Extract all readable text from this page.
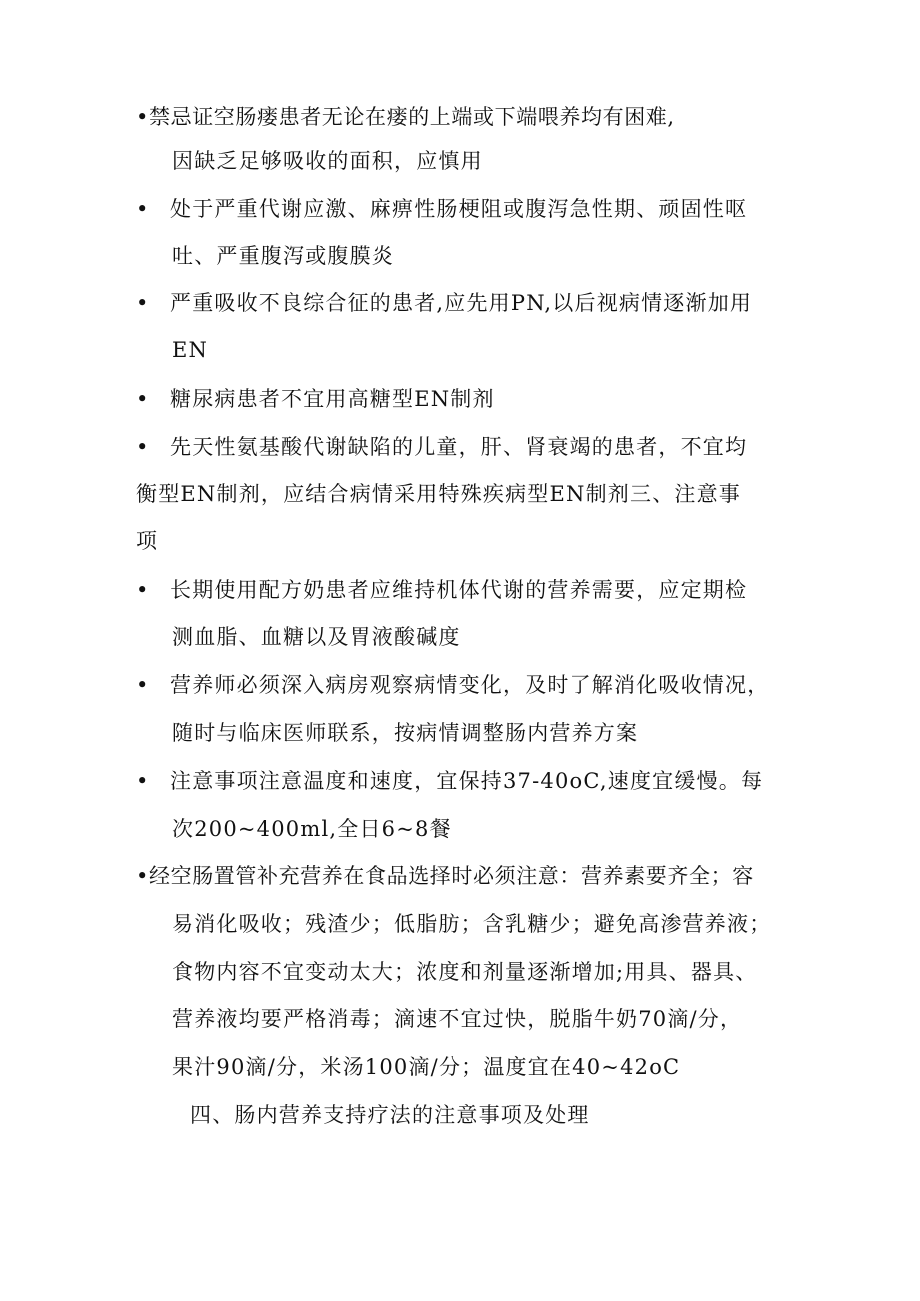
•禁忌证空肠瘘患者无论在瘘的上端或下端喂养均有困难,
因缺乏足够吸收的面积，应慎用
• 处于严重代谢应激、麻痹性肠梗阻或腹泻急性期、顽固性呕
吐、严重腹泻或腹膜炎
• 严重吸收不良综合征的患者,应先用PN,以后视病情逐渐加用
EN
• 糖尿病患者不宜用高糖型EN制剂
• 先天性氨基酸代谢缺陷的儿童，肝、肾衰竭的患者，不宜均
衡型EN制剂，应结合病情采用特殊疾病型EN制剂三、注意事
项
• 长期使用配方奶患者应维持机体代谢的营养需要，应定期检
测血脂、血糖以及胃液酸碱度
• 营养师必须深入病房观察病情变化，及时了解消化吸收情况，
随时与临床医师联系，按病情调整肠内营养方案
• 注意事项注意温度和速度，宜保持37-40oC,速度宜缓慢。每
次200~400ml,全日6~8餐
•经空肠置管补充营养在食品选择时必须注意：营养素要齐全；容
易消化吸收；残渣少；低脂肪；含乳糖少；避免高渗营养液；
食物内容不宜变动太大；浓度和剂量逐渐增加;用具、器具、
营养液均要严格消毒；滴速不宜过快，脱脂牛奶70滴/分，
果汁90滴/分，米汤100滴/分；温度宜在40~42oC
四、肠内营养支持疗法的注意事项及处理
